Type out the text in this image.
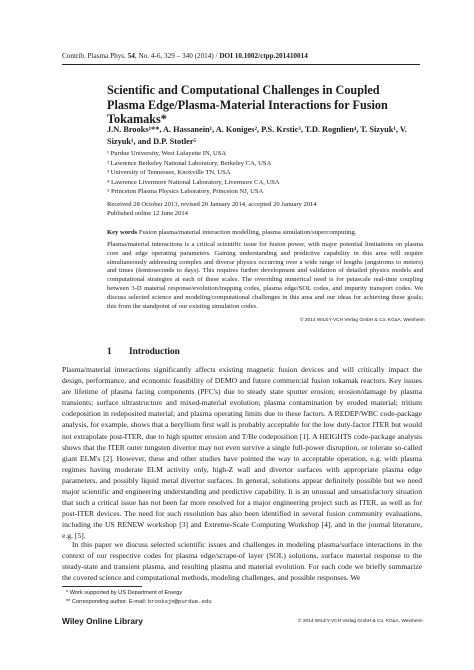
Contrib. Plasma Phys. 54, No. 4-6, 329 – 340 (2014) / DOI 10.1002/ctpp.201410014
Scientific and Computational Challenges in Coupled Plasma Edge/Plasma-Material Interactions for Fusion Tokamaks*
J.N. Brooks¹**, A. Hassanein¹, A. Koniges², P.S. Krstic³, T.D. Rognlien⁴, T. Sizyuk¹, V. Sizyuk¹, and D.P. Stotler⁵
¹ Purdue University, West Lafayette IN, USA
² Lawrence Berkeley National Laboratory, Berkeley CA, USA
³ University of Tennessee, Knoxville TN, USA
⁴ Lawrence Livermore National Laboratory, Livermore CA, USA
⁵ Princeton Plasma Physics Laboratory, Princeton NJ, USA
Received 28 October 2013, revised 20 January 2014, accepted 20 January 2014
Published online 12 June 2014
Key words Fusion plasma/material interaction modelling, plasma simulation/supercomputing.
Plasma/material interactions is a critical scientific issue for fusion power, with major potential limitations on plasma core and edge operating parameters. Gaining understanding and predictive capability in this area will require simultaneously addressing complex and diverse physics occurring over a wide range of lengths (angstroms to meters) and times (femtoseconds to days). This requires further development and validation of detailed physics models and computational strategies at each of these scales. The overriding numerical need is for petascale real-time coupling between 3-D material response/evolution/trapping codes, plasma edge/SOL codes, and impurity transport codes. We discuss selected science and modeling/computational challenges in this area and our ideas for achieving these goals; this from the standpoint of our existing simulation codes.
© 2014 WILEY-VCH Verlag GmbH & Co. KGaA, Weinheim
1 Introduction
Plasma/material interactions significantly affects existing magnetic fusion devices and will critically impact the design, performance, and economic feasibility of DEMO and future commercial fusion tokamak reactors. Key issues are lifetime of plasma facing components (PFC's) due to steady state sputter erosion; erosion/damage by plasma transients; surface ultrastructure and mixed-material evolution; plasma contamination by eroded material; tritium codeposition in redeposited material; and plasma operating limits due to these factors. A REDEP/WBC code-package analysis, for example, shows that a beryllium first wall is probably acceptable for the low duty-factor ITER but would not extrapolate post-ITER, due to high sputter erosion and T/Be codeposition [1]. A HEIGHTS code-package analysis shows that the ITER outer tungsten divertor may not even survive a single full-power disruption, or tolerate so-called giant ELM's [2]. However, these and other studies have pointed the way to acceptable operation, e.g. with plasma regimes having moderate ELM activity only, high-Z wall and divertor surfaces with appropriate plasma edge parameters, and possibly liquid metal divertor surfaces. In general, solutions appear definitely possible but we need major scientific and engineering understanding and predictive capability. It is an unusual and unsatisfactory situation that such a critical issue has not been far more resolved for a major engineering project such as ITER, as well as for post-ITER devices. The need for such resolution has also been identified in several fusion community evaluations, including the US RENEW workshop [3] and Extreme-Scale Computing Workshop [4], and in the journal literature, e.g. [5].
In this paper we discuss selected scientific issues and challenges in modeling plasma/surface interactions in the context of our respective codes for plasma edge/scrape-of layer (SOL) solutions, surface material response to the steady-state and transient plasma, and resulting plasma and material evolution. For each code we briefly summarize the covered science and computational methods, modeling challenges, and possible responses. We
* Work supported by US Department of Energy
** Corresponding author. E-mail: brooksjn@purdue.edu
Wiley Online Library	© 2014 WILEY-VCH Verlag GmbH & Co. KGaA, Weinheim
